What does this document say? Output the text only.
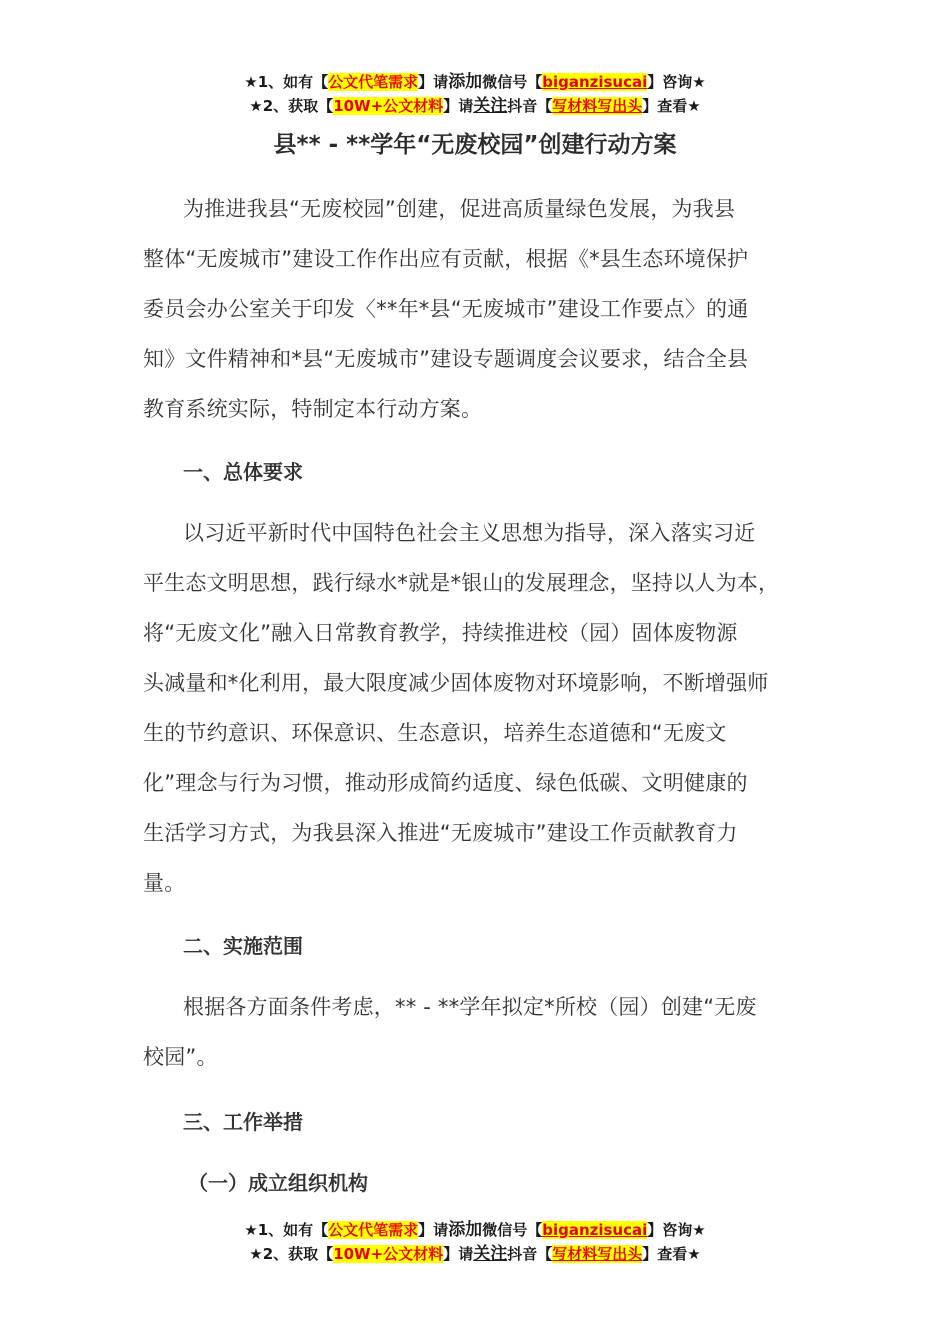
★1、如有【公文代笔需求】请添加微信号【biganzisucai】咨询★
★2、获取【10W+公文材料】请关注抖音【写材料写出头】查看★
县** - **学年“无废校园”创建行动方案
为推进我县“无废校园”创建，促进高质量绿色发展，为我县
整体“无废城市”建设工作作出应有贡献，根据《*县生态环境保护
委员会办公室关于印发〈**年*县“无废城市”建设工作要点〉的通
知》文件精神和*县“无废城市”建设专题调度会议要求，结合全县
教育系统实际，特制定本行动方案。
一、总体要求
以习近平新时代中国特色社会主义思想为指导，深入落实习近
平生态文明思想，践行绿水*就是*银山的发展理念，坚持以人为本，
将“无废文化”融入日常教育教学，持续推进校（园）固体废物源
头减量和*化利用，最大限度减少固体废物对环境影响，不断增强师
生的节约意识、环保意识、生态意识，培养生态道德和“无废文
化”理念与行为习惯，推动形成简约适度、绿色低碳、文明健康的
生活学习方式，为我县深入推进“无废城市”建设工作贡献教育力
量。
二、实施范围
根据各方面条件考虑，** - **学年拟定*所校（园）创建“无废
校园”。
三、工作举措
（一）成立组织机构
★1、如有【公文代笔需求】请添加微信号【biganzisucai】咨询★
★2、获取【10W+公文材料】请关注抖音【写材料写出头】查看★
